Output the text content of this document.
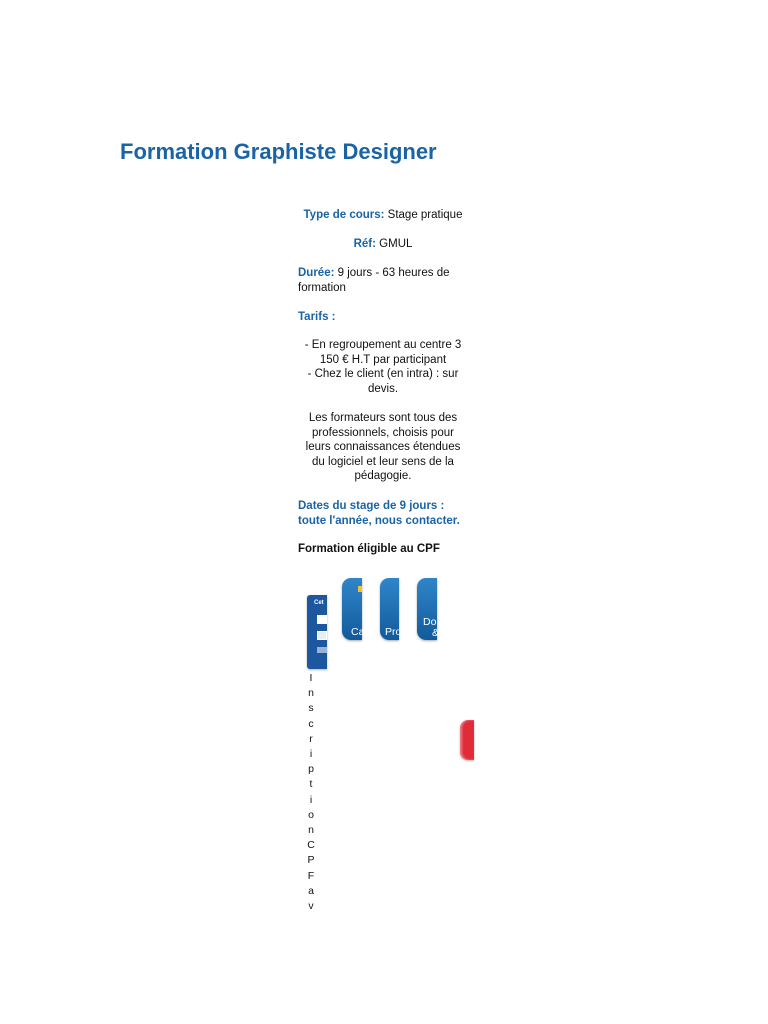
Formation Graphiste Designer
Type de cours: Stage pratique
Réf: GMUL
Durée: 9 jours - 63 heures de
formation
Tarifs :
- En regroupement au centre 3
150 € H.T par participant
- Chez le client (en intra) : sur
devis.
Les formateurs sont tous des
professionnels, choisis pour
leurs connaissances étendues
du logiciel et leur sens de la
pédagogie.
Dates du stage de 9 jours :
toute l'année, nous contacter.
Formation éligible au CPF
Cet
Ca Pro
Do
&
I
n
s
c
r
i
p
t
i
o
n
C
P
F
a
v
